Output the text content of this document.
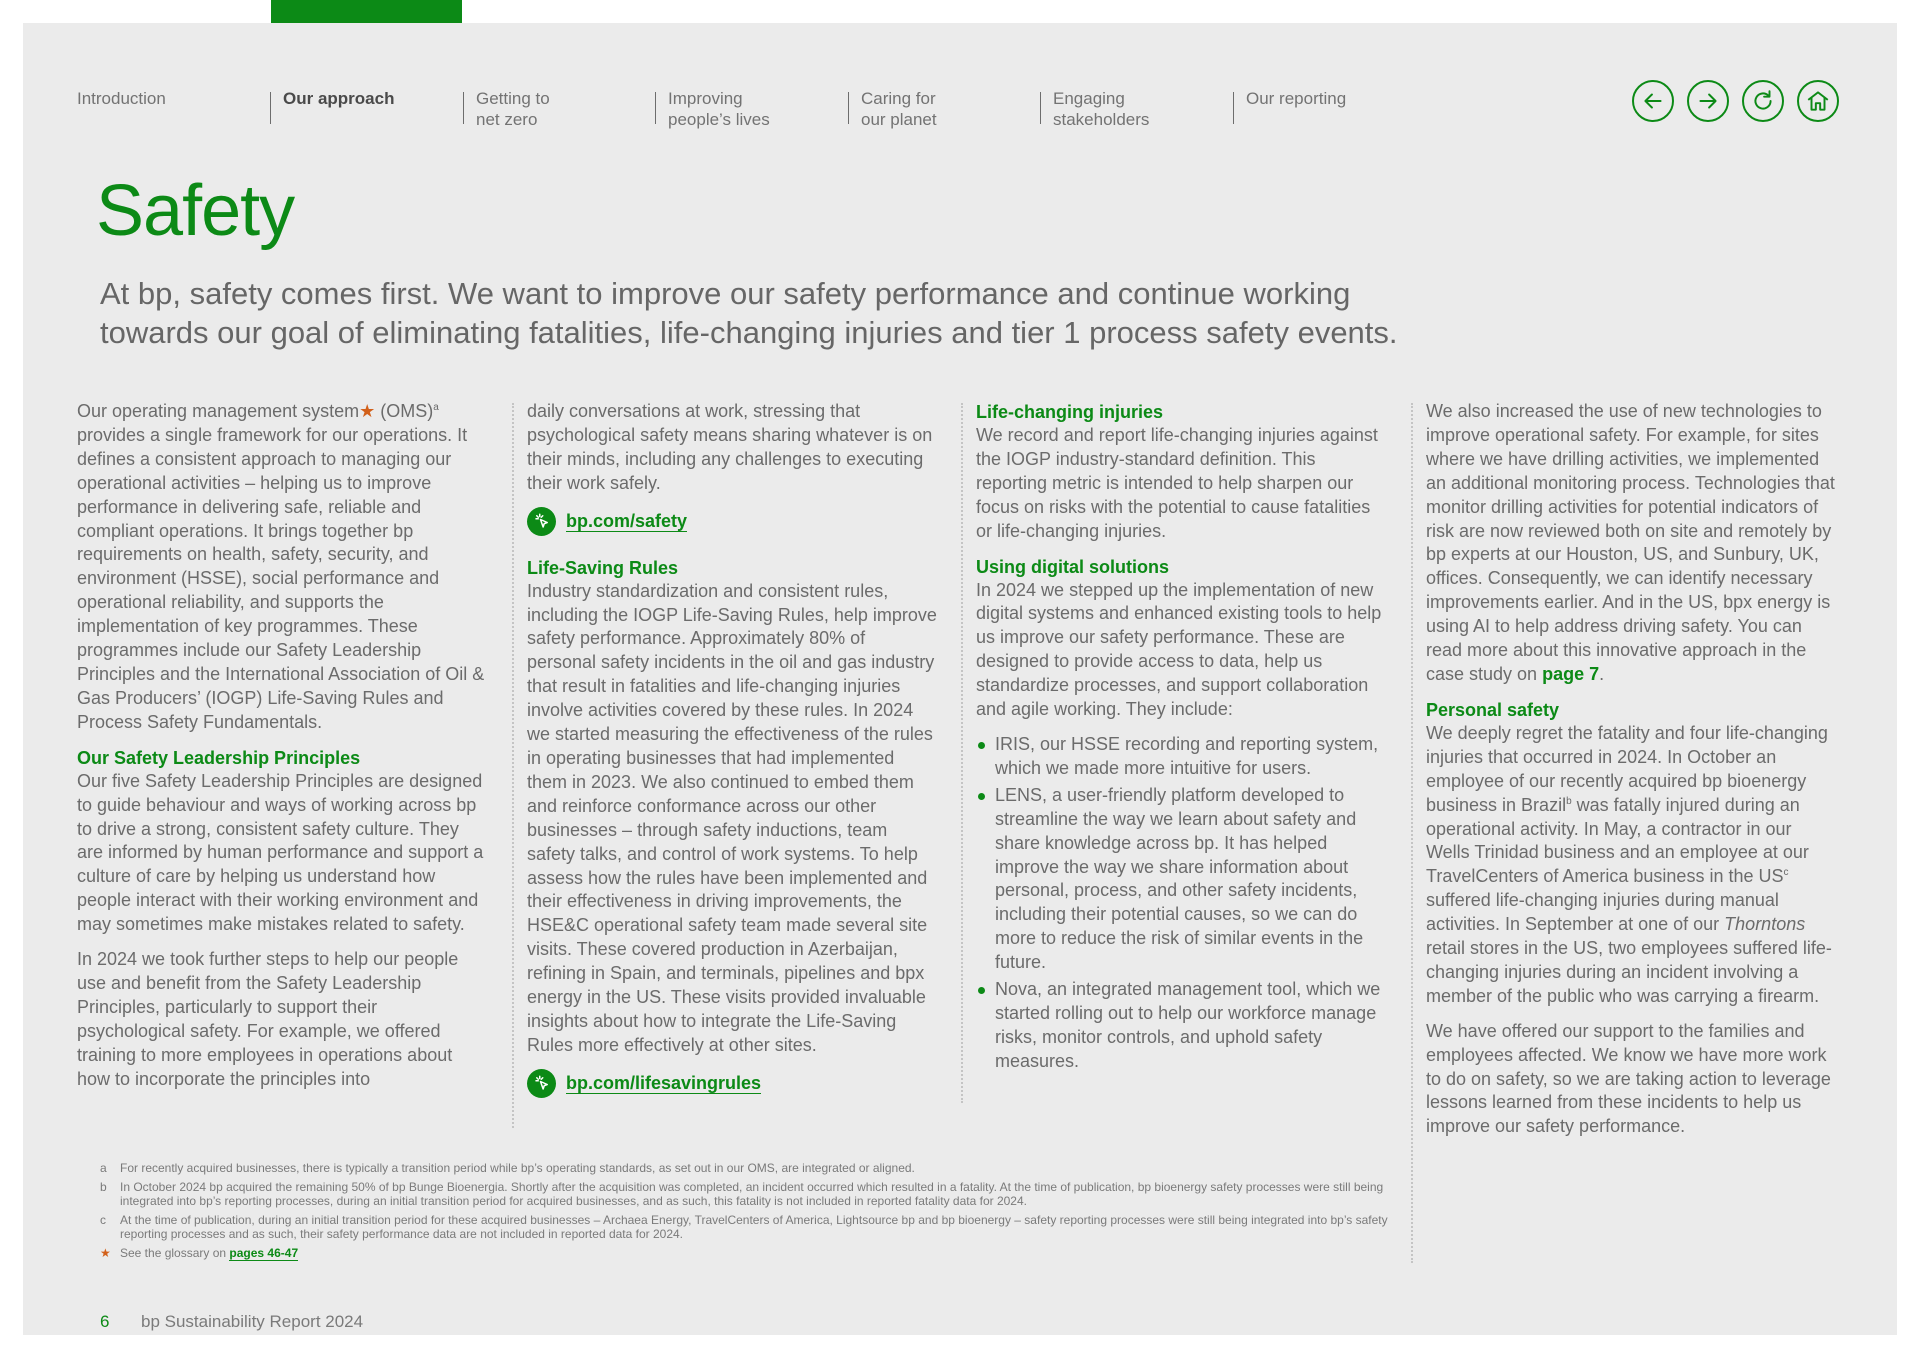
Introduction	Our approach	Getting to
net zero
Improving
people’s lives
Caring for
our planet
Engaging
stakeholders
Our reporting
Safety

At bp, safety comes first. We want to improve our safety performance and continue working towards our goal of eliminating fatalities, life-changing injuries and tier 1 process safety events.

Our operating management system★ (OMS)$^a$ provides a single framework for our operations. It defines a consistent approach to managing our operational activities – helping us to improve performance in delivering safe, reliable and compliant operations. It brings together bp requirements on health, safety, security, and environment (HSSE), social performance and operational reliability, and supports the implementation of key programmes. These programmes include our Safety Leadership Principles and the International Association of Oil & Gas Producers’ (IOGP) Life-Saving Rules and Process Safety Fundamentals.

Our Safety Leadership Principles

Our five Safety Leadership Principles are designed to guide behaviour and ways of working across bp to drive a strong, consistent safety culture. They are informed by human performance and support a culture of care by helping us understand how people interact with their working environment and may sometimes make mistakes related to safety.

In 2024 we took further steps to help our people use and benefit from the Safety Leadership Principles, particularly to support their psychological safety. For example, we offered training to more employees in operations about how to incorporate the principles into

daily conversations at work, stressing that psychological safety means sharing whatever is on their minds, including any challenges to executing their work safely.

bp.com/safety
Life-Saving Rules

Industry standardization and consistent rules, including the IOGP Life-Saving Rules, help improve safety performance. Approximately 80% of personal safety incidents in the oil and gas industry that result in fatalities and life-changing injuries involve activities covered by these rules. In 2024 we started measuring the effectiveness of the rules in operating businesses that had implemented them in 2023. We also continued to embed them and reinforce conformance across our other businesses – through safety inductions, team safety talks, and control of work systems. To help assess how the rules have been implemented and their effectiveness in driving improvements, the HSE&C operational safety team made several site visits. These covered production in Azerbaijan, refining in Spain, and terminals, pipelines and bpx energy in the US. These visits provided invaluable insights about how to integrate the Life-Saving Rules more effectively at other sites.

bp.com/lifesavingrules
Life-changing injuries

We record and report life-changing injuries against the IOGP industry-standard definition. This reporting metric is intended to help sharpen our focus on risks with the potential to cause fatalities or life-changing injuries.

Using digital solutions

In 2024 we stepped up the implementation of new digital systems and enhanced existing tools to help us improve our safety performance. These are designed to provide access to data, help us standardize processes, and support collaboration and agile working. They include:

IRIS, our HSSE recording and reporting system, which we made more intuitive for users.
LENS, a user-friendly platform developed to streamline the way we learn about safety and share knowledge across bp. It has helped improve the way we share information about personal, process, and other safety incidents, including their potential causes, so we can do more to reduce the risk of similar events in the future.
Nova, an integrated management tool, which we started rolling out to help our workforce manage risks, monitor controls, and uphold safety measures.

We also increased the use of new technologies to improve operational safety. For example, for sites where we have drilling activities, we implemented an additional monitoring process. Technologies that monitor drilling activities for potential indicators of risk are now reviewed both on site and remotely by bp experts at our Houston, US, and Sunbury, UK, offices. Consequently, we can identify necessary improvements earlier. And in the US, bpx energy is using AI to help address driving safety. You can read more about this innovative approach in the case study on page 7.

Personal safety

We deeply regret the fatality and four life-changing injuries that occurred in 2024. In October an employee of our recently acquired bp bioenergy business in Brazil$^b$ was fatally injured during an operational activity. In May, a contractor in our Wells Trinidad business and an employee at our TravelCenters of America business in the $US^c$ suffered life-changing injuries during manual activities. In September at one of our Thorntons retail stores in the US, two employees suffered life-changing injuries during an incident involving a member of the public who was carrying a firearm.

We have offered our support to the families and employees affected. We know we have more work to do on safety, so we are taking action to leverage lessons learned from these incidents to help us improve our safety performance.

a	For recently acquired businesses, there is typically a transition period while bp’s operating standards, as set out in our OMS, are integrated or aligned.
b	In October 2024 bp acquired the remaining 50% of bp Bunge Bioenergia. Shortly after the acquisition was completed, an incident occurred which resulted in a fatality. At the time of publication, bp bioenergy safety processes were still being integrated into bp’s reporting processes, during an initial transition period for acquired businesses, and as such, this fatality is not included in reported fatality data for 2024.
c	At the time of publication, during an initial transition period for these acquired businesses – Archaea Energy, TravelCenters of America, Lightsource bp and bp bioenergy – safety reporting processes were still being integrated into bp’s safety reporting processes and as such, their safety performance data are not included in reported data for 2024.
★ See the glossary on pages 46-47
6 bp Sustainability Report 2024
